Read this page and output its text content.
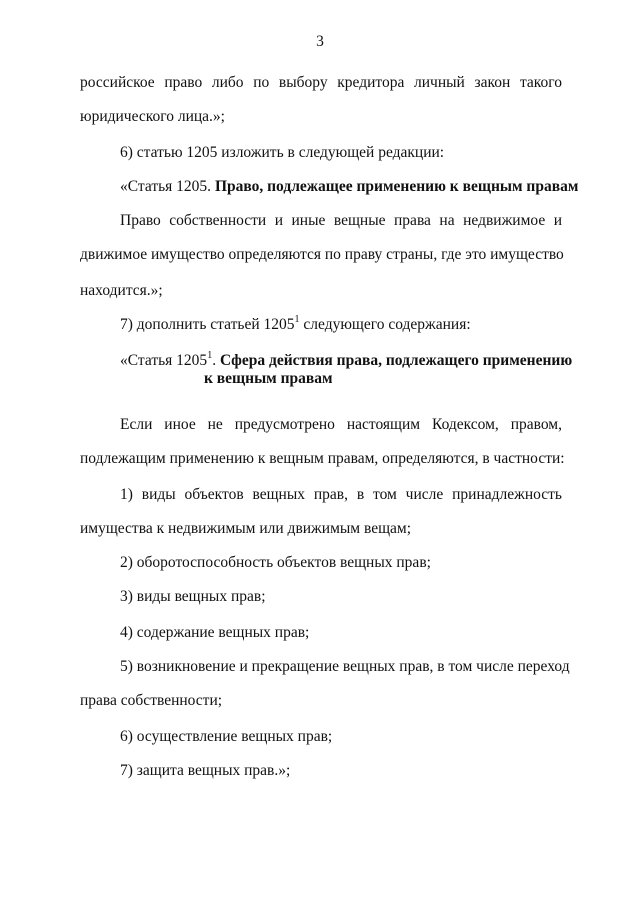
3
российское право либо по выбору кредитора личный закон такого
юридического лица.»;
6) статью 1205 изложить в следующей редакции:
«Статья 1205. Право, подлежащее применению к вещным правам
Право собственности и иные вещные права на недвижимое и
движимое имущество определяются по праву страны, где это имущество
находится.»;
7) дополнить статьей 1205$^1$ следующего содержания:
«Статья 1205$^1$. Сфера действия права, подлежащего применению
к вещным правам
Если иное не предусмотрено настоящим Кодексом, правом,
подлежащим применению к вещным правам, определяются, в частности:
1) виды объектов вещных прав, в том числе принадлежность
имущества к недвижимым или движимым вещам;
2) оборотоспособность объектов вещных прав;
3) виды вещных прав;
4) содержание вещных прав;
5) возникновение и прекращение вещных прав, в том числе переход
права собственности;
6) осуществление вещных прав;
7) защита вещных прав.»;
